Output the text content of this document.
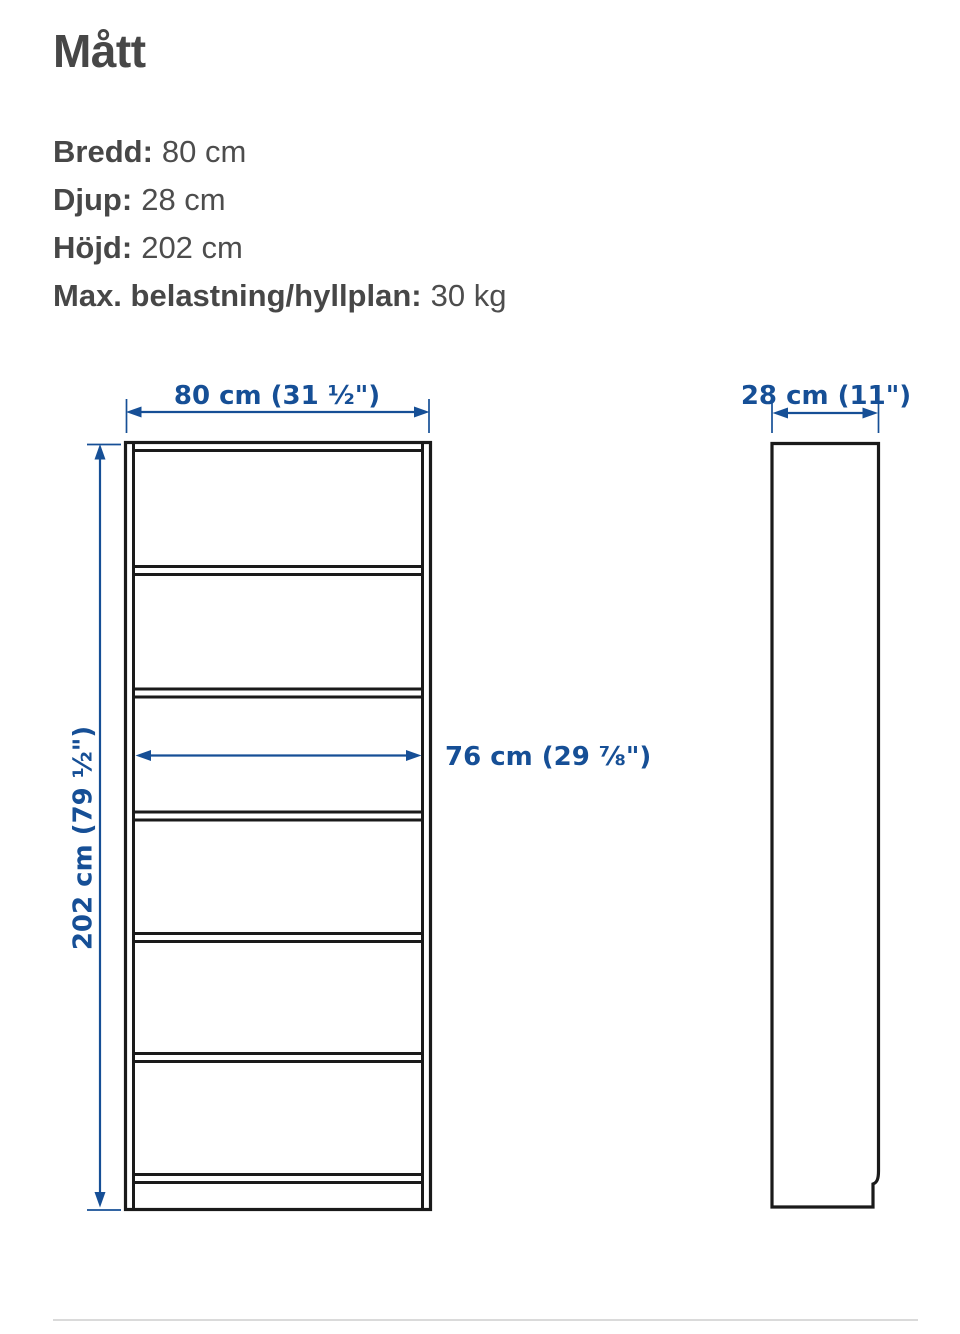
Mått
Bredd: 80 cm
Djup: 28 cm
Höjd: 202 cm
Max. belastning/hyllplan: 30 kg
80 cm (31 ½")	28 cm (11")
202 cm (79 ½")	76 cm (29 ⅞")
